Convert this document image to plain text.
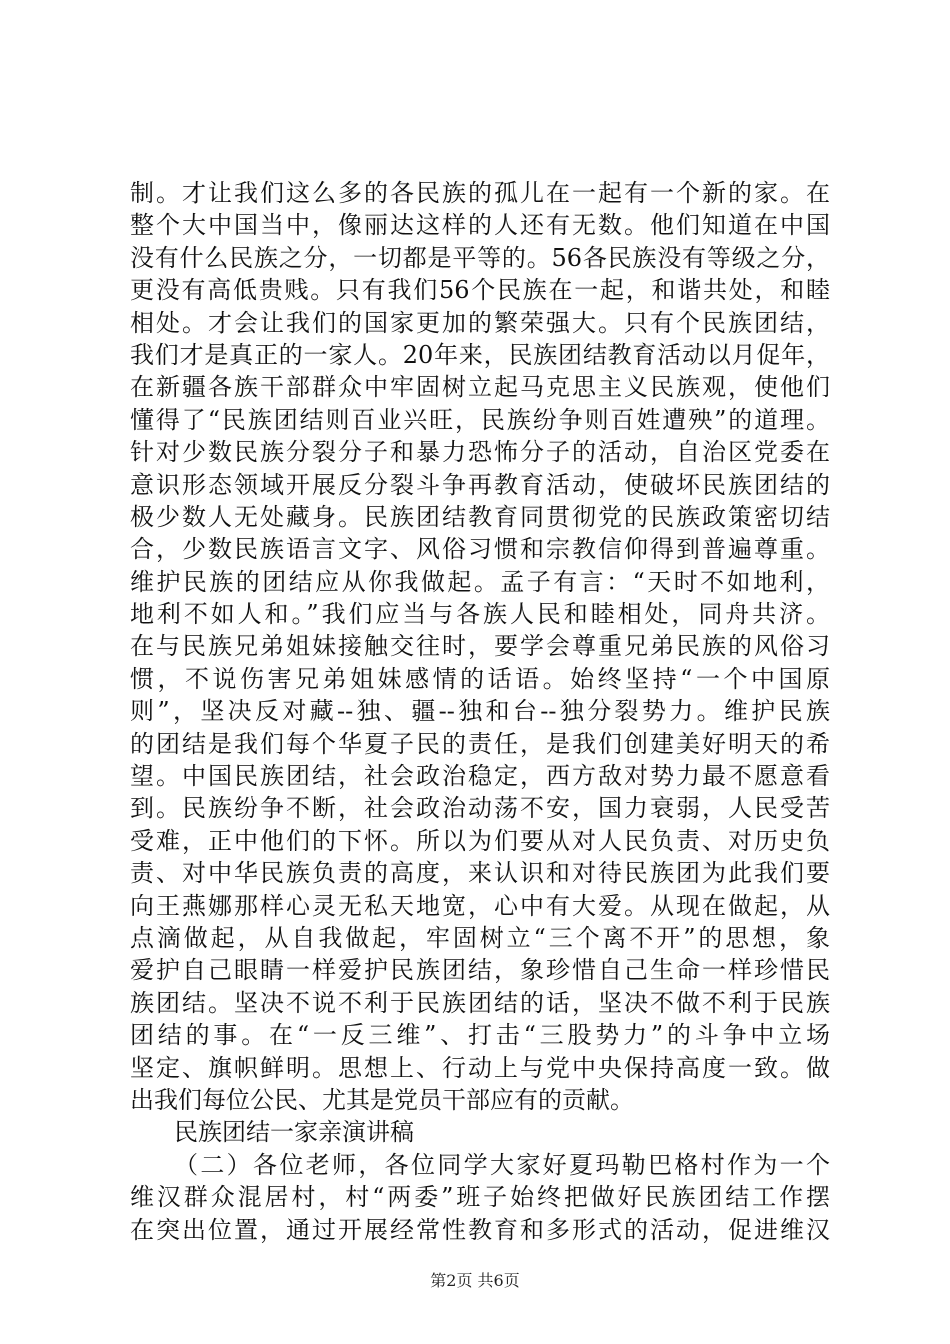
制。才让我们这么多的各民族的孤儿在一起有一个新的家。在
整个大中国当中，像丽达这样的人还有无数。他们知道在中国
没有什么民族之分，一切都是平等的。56各民族没有等级之分，
更没有高低贵贱。只有我们56个民族在一起，和谐共处，和睦
相处。才会让我们的国家更加的繁荣强大。只有个民族团结，
我们才是真正的一家人。20年来，民族团结教育活动以月促年，
在新疆各族干部群众中牢固树立起马克思主义民族观，使他们
懂得了“民族团结则百业兴旺，民族纷争则百姓遭殃”的道理。
针对少数民族分裂分子和暴力恐怖分子的活动，自治区党委在
意识形态领域开展反分裂斗争再教育活动，使破坏民族团结的
极少数人无处藏身。民族团结教育同贯彻党的民族政策密切结
合，少数民族语言文字、风俗习惯和宗教信仰得到普遍尊重。
维护民族的团结应从你我做起。孟子有言：“天时不如地利，
地利不如人和。”我们应当与各族人民和睦相处，同舟共济。
在与民族兄弟姐妹接触交往时，要学会尊重兄弟民族的风俗习
惯，不说伤害兄弟姐妹感情的话语。始终坚持“一个中国原
则”，坚决反对藏--独、疆--独和台--独分裂势力。维护民族
的团结是我们每个华夏子民的责任，是我们创建美好明天的希
望。中国民族团结，社会政治稳定，西方敌对势力最不愿意看
到。民族纷争不断，社会政治动荡不安，国力衰弱，人民受苦
受难，正中他们的下怀。所以为们要从对人民负责、对历史负
责、对中华民族负责的高度，来认识和对待民族团为此我们要
向王燕娜那样心灵无私天地宽，心中有大爱。从现在做起，从
点滴做起，从自我做起，牢固树立“三个离不开”的思想，象
爱护自己眼睛一样爱护民族团结，象珍惜自己生命一样珍惜民
族团结。坚决不说不利于民族团结的话，坚决不做不利于民族
团结的事。在“一反三维”、打击“三股势力”的斗争中立场
坚定、旗帜鲜明。思想上、行动上与党中央保持高度一致。做
出我们每位公民、尤其是党员干部应有的贡献。
民族团结一家亲演讲稿
（二）各位老师，各位同学大家好夏玛勒巴格村作为一个
维汉群众混居村，村“两委”班子始终把做好民族团结工作摆
在突出位置，通过开展经常性教育和多形式的活动，促进维汉
第2页 共6页
